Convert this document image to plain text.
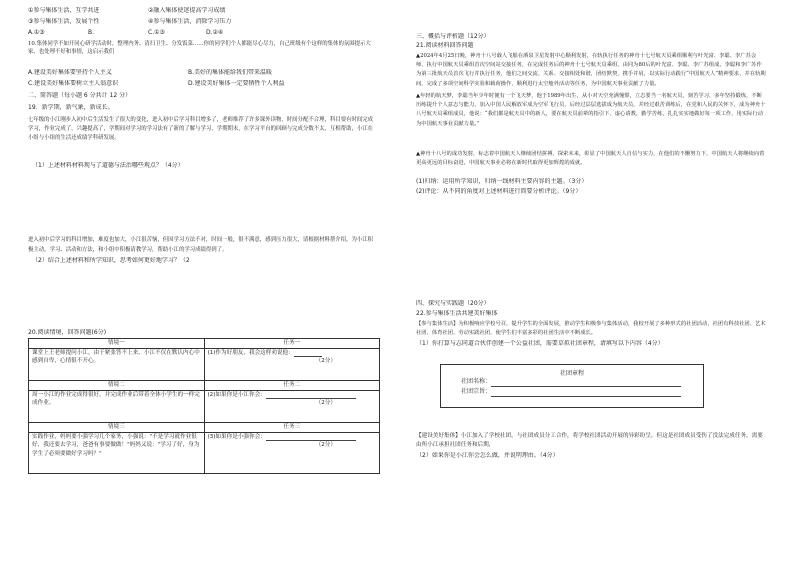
①参与集体生活，互学共进	②融入集体使迷提高学习成绩
③参与集体生活，发展个性	④参与集体生活，消除学习压力
A.①③	B.	C.①③	D.②④
10.集体同学不如开同心研学活动时，整理内务、清扫卫生、分发饭菜……你的同学们个人都能尽心尽力，自己班级有个这样的集体的氛围提示大家，也处理不好和事情，这启示我们
A.建设美好集体要坚持个人主义	B.美好的集体能给我们带来温暖
C.建设美好集体要树立主人翁意识	D.建设美好集体一定要牺牲个人利益
二、简答题（每小题 6 分共计 12 分）
19．新学期，新气象，新成长。
七年级的小江刚步入初中后生活发生了很大的变化，进入初中后学习科目增多了，老师推荐了许多课外读物，时间分配不合理，科目要有时间完成学习，作业完成了，兴趣提高了，学期间对学习的学习法有了新的了解与学习，学期期末，在学习平台的回顾与完成分数不太，互相帮助，小江在小组与小组的生活还成绩学科研发展。
（1）上述材料材料现与了道德与法治哪些观点？（4分）
进入初中后学习的科目增加，难度也加大，小江很苦恼，但因学习方法不对，时间一般，很不满意，感到压力很大，请根据材料帮介绍，为小江积极主动，学习、活动和方法，和小组中积极请教学习，帮助小江的学习成绩得到了。
（2）结合上述材料和所学知识，思考如何更好地学习？（2
20.阅读情境，回答问题(6分)
情境一	任务一
课堂上王老师提问小江，由于紧张答不上来，小江不仅在默认内心中感到自卑，心情很不开心。	(1)作为好朋友，我会这样劝说他：
（2分）

情境二	任务二
周一小江的作业完成得很好，并完成作业后带着全体小学生的一样完成作业。	(2)如果你是小江你会：
（2分）

情境三	任务三
实践作业，妈妈要小强学习几个家务，小强说："不是学习就作业很好，我还要去学习，爸爸有事要做做！"妈妈又说："学习了好，身为学生了必须要做好学习吗？"	(3)如果你是小强你会：
（2分）
三、概括与评析题（12分）
21.阅读材料回答问题
▲2024年4月25日晚，神舟十八号载人飞船在酒泉卫星发射中心顺利发射，在轨执行任务的神舟十七号航天员乘组顺利与叶光富、李聪、李广苏会师，执行中国航天员乘组首次空间站交接任务，在完成任务后的神舟十七号航天员乘组，由同为80后的叶光富、李聪、李广苏组成，李聪和李广苏作为第三批航天员首次飞行并执行任务，他们之间交流、关系、交接相处和谐，团结默契，携手并肩，以实际行动践行“中国航天人”精神要求，并在轨期间，完成了多项空间科学实验和载荷操作，顺利进行太空舱外活动等任务，为中国航天事业贡献了力量。
▲年轻的航天梦，李聪当年少年时便有一个飞天梦，他于1989年出生，从小对天空充满憧憬，立志要当一名航天员，刻苦学习，多年坚持锻炼，不断历练提升个人意志与能力，加入中国人民解放军成为空军飞行员，后经过层层选拔成为航天员，并经过艰苦训练后，在党和人民的关怀下，成为神舟十八号航天员乘组成员，他说：“我们都是航天员中的新人，要在航天员前辈的指引下，虚心请教，勤学苦练，扎扎实实地做好每一项工作，用实际行动为中国航天事业贡献力量。”
▲神舟十八号的成功发射，标志着中国航天人继续团结拼搏，探索未来，彰显了中国航天人自信与实力，在他们的不懈努力下，中国航天人将继续向着更高更远的目标奋进，中国航天事业必将在新时代取得更加辉煌的成就。
(1)归纳：运用所学知识，归纳一线材料主要内容的主题。（3分）
(2)评论：从不同的角度对上述材料进行简要分析评论。（9分）
四、探究与实践题（20分）
22.参与集体生活共建美好集体
【参与集体生活】为积极响应学校号召，提升学生的全面发展，推动学生积极参与集体活动，我校开展了多种形式的社团活动，社团有科技社团、艺术社团、体育社团、劳动实践社团，使学生们丰富多彩的社团生活中不断成长。
（1）你打算与志同道合伙伴创建一个公益社团，需要草拟社团章程，请填写以下内容（4分）
【建设美好集体】小江加入了学校社团，与社团成员分工合作，将学校社团活动开展的异彩纷呈，但这是社团成员受伤了没法完成任务，需要由所小江承担社团任务和后期，
（2）如果你是小江你会怎么做，并说明理由。（4分）
社团章程
社团名称：
社团宗旨：
